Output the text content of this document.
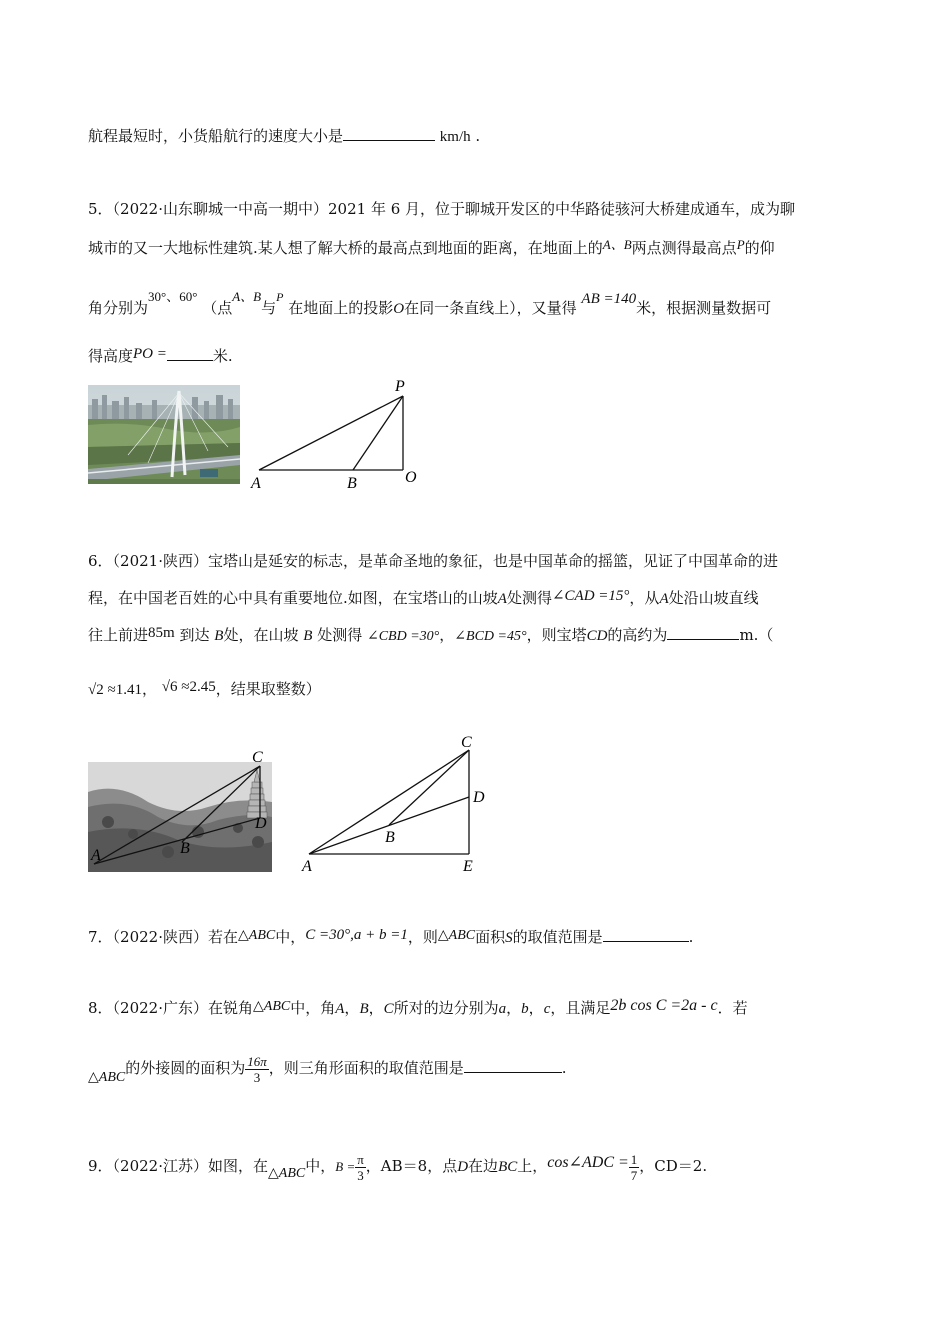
航程最短时，小货船航行的速度大小是	km/h .
5．（2022·山东聊城一中高一期中）2021 年 6 月，位于聊城开发区的中华路徒骇河大桥建成通车，成为聊
城市的又一大地标性建筑.某人想了解大桥的最高点到地面的距离，在地面上的A、B两点测得最高点P的仰
角分别为30°、60° （点A、B与$^P$ 在地面上的投影O在同一条直线上），又量得 AB =140米，根据测量数据可
得高度PO =	米.
P
A	B	O
6．（2021·陕西）宝塔山是延安的标志，是革命圣地的象征，也是中国革命的摇篮，见证了中国革命的进
程，在中国老百姓的心中具有重要地位.如图，在宝塔山的山坡A处测得∠CAD =15°，从A处沿山坡直线
往上前进85m 到达 B处，在山坡 B 处测得 ∠CBD =30°，∠BCD =45°，则宝塔CD的高约为	m.（
√2 ≈1.41， √6 ≈2.45，结果取整数）
C
D
A	B
C
D
B
A	E
7．（2022·陕西）若在△ABC中，C =30°,a + b =1，则△ABC面积S的取值范围是	.
8．（2022·广东）在锐角△ABC中，角A，B，C所对的边分别为a，b，c，且满足2b cos C =2a - c．若
△ABC的外接圆的面积为 $\frac{16\pi}{3}$ ，则三角形面积的取值范围是	.
9．（2022·江苏）如图，在△ABC中，$B = \frac{\pi}{3}$ ，AB＝8，点D在边BC上，cos∠ADC = $\frac{1}{7}$ ，CD＝2.
